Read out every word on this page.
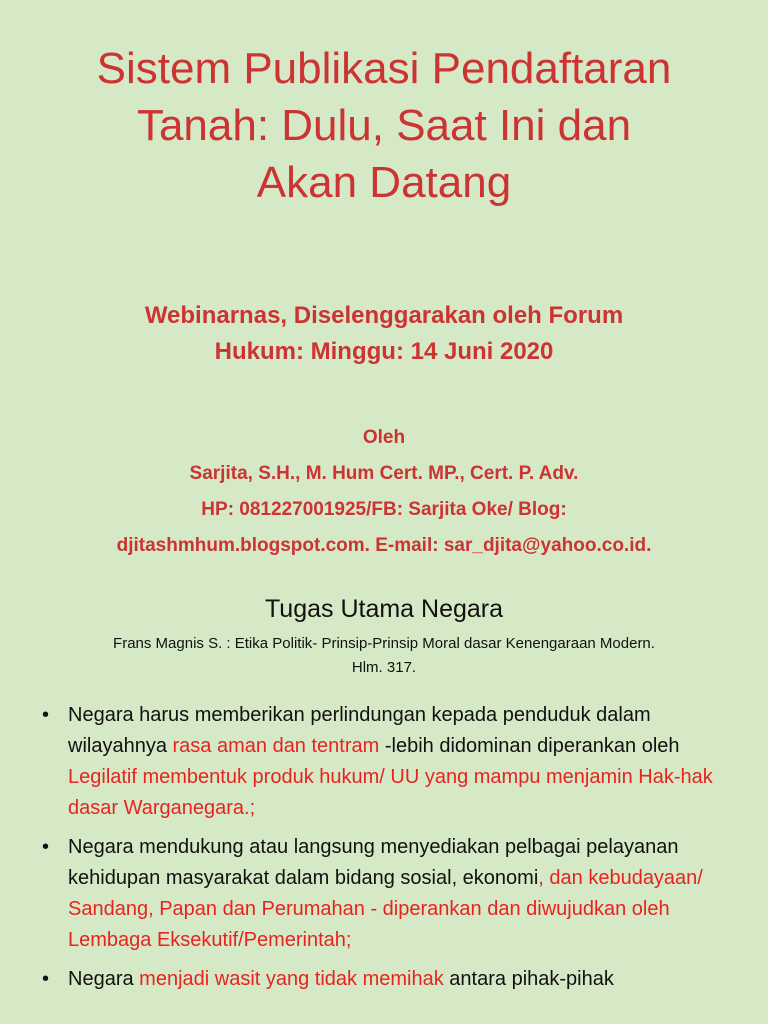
Sistem Publikasi Pendaftaran
Tanah: Dulu, Saat Ini dan
Akan Datang
Webinarnas, Diselenggarakan oleh Forum
Hukum: Minggu: 14 Juni 2020
Oleh
Sarjita, S.H., M. Hum Cert. MP., Cert. P. Adv.
HP: 081227001925/FB: Sarjita Oke/ Blog:
djitashmhum.blogspot.com. E-mail: sar_djita@yahoo.co.id.
Tugas Utama Negara
Frans Magnis S. : Etika Politik- Prinsip-Prinsip Moral dasar Kenengaraan Modern.
Hlm. 317.
• Negara harus memberikan perlindungan kepada penduduk dalam wilayahnya rasa aman dan tentram -lebih didominan diperankan oleh Legilatif membentuk produk hukum/ UU yang mampu menjamin Hak-hak dasar Warganegara.;
• Negara mendukung atau langsung menyediakan pelbagai pelayanan kehidupan masyarakat dalam bidang sosial, ekonomi, dan kebudayaan/ Sandang, Papan dan Perumahan - diperankan dan diwujudkan oleh Lembaga Eksekutif/Pemerintah;
• Negara menjadi wasit yang tidak memihak antara pihak-pihak
